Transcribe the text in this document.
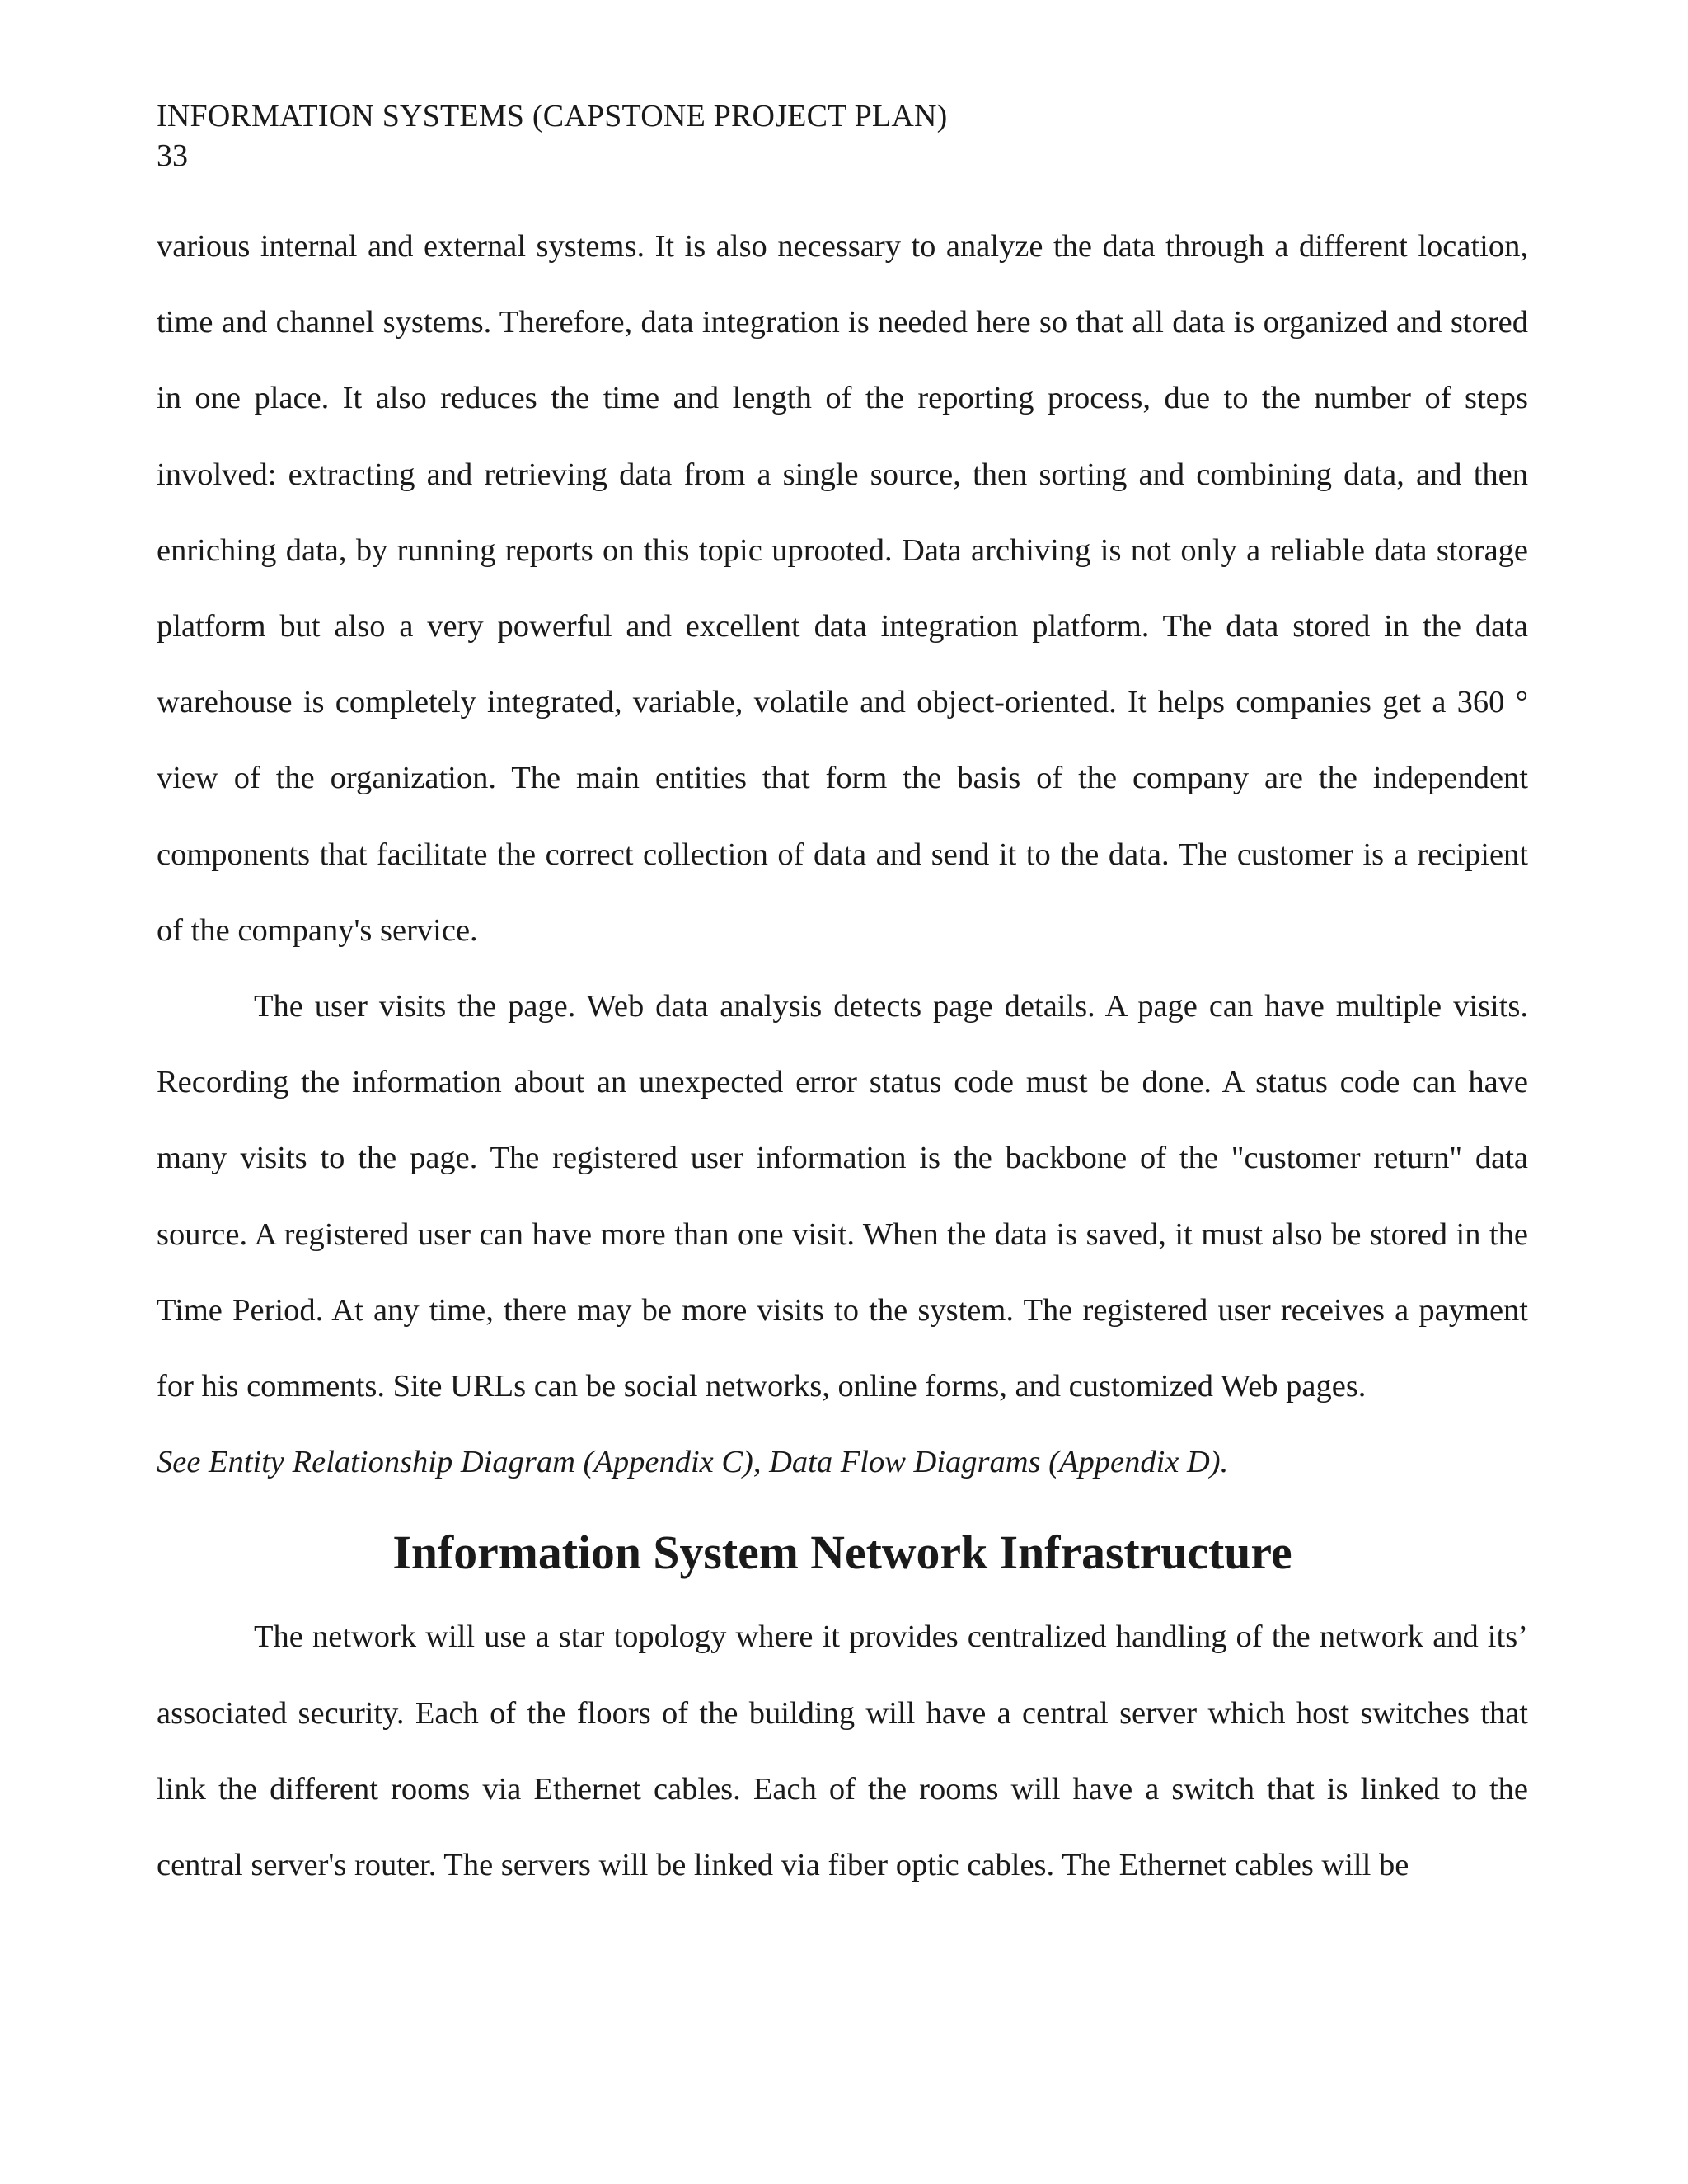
INFORMATION SYSTEMS (CAPSTONE PROJECT PLAN)
33

various internal and external systems. It is also necessary to analyze the data through a different location, time and channel systems. Therefore, data integration is needed here so that all data is organized and stored in one place. It also reduces the time and length of the reporting process, due to the number of steps involved: extracting and retrieving data from a single source, then sorting and combining data, and then enriching data, by running reports on this topic uprooted. Data archiving is not only a reliable data storage platform but also a very powerful and excellent data integration platform. The data stored in the data warehouse is completely integrated, variable, volatile and object-oriented. It helps companies get a 360 ° view of the organization. The main entities that form the basis of the company are the independent components that facilitate the correct collection of data and send it to the data. The customer is a recipient of the company's service.

The user visits the page. Web data analysis detects page details. A page can have multiple visits. Recording the information about an unexpected error status code must be done. A status code can have many visits to the page. The registered user information is the backbone of the "customer return" data source. A registered user can have more than one visit. When the data is saved, it must also be stored in the Time Period. At any time, there may be more visits to the system. The registered user receives a payment for his comments. Site URLs can be social networks, online forms, and customized Web pages.

See Entity Relationship Diagram (Appendix C), Data Flow Diagrams (Appendix D).

Information System Network Infrastructure

The network will use a star topology where it provides centralized handling of the network and its’ associated security. Each of the floors of the building will have a central server which host switches that link the different rooms via Ethernet cables. Each of the rooms will have a switch that is linked to the central server's router. The servers will be linked via fiber optic cables. The Ethernet cables will be
